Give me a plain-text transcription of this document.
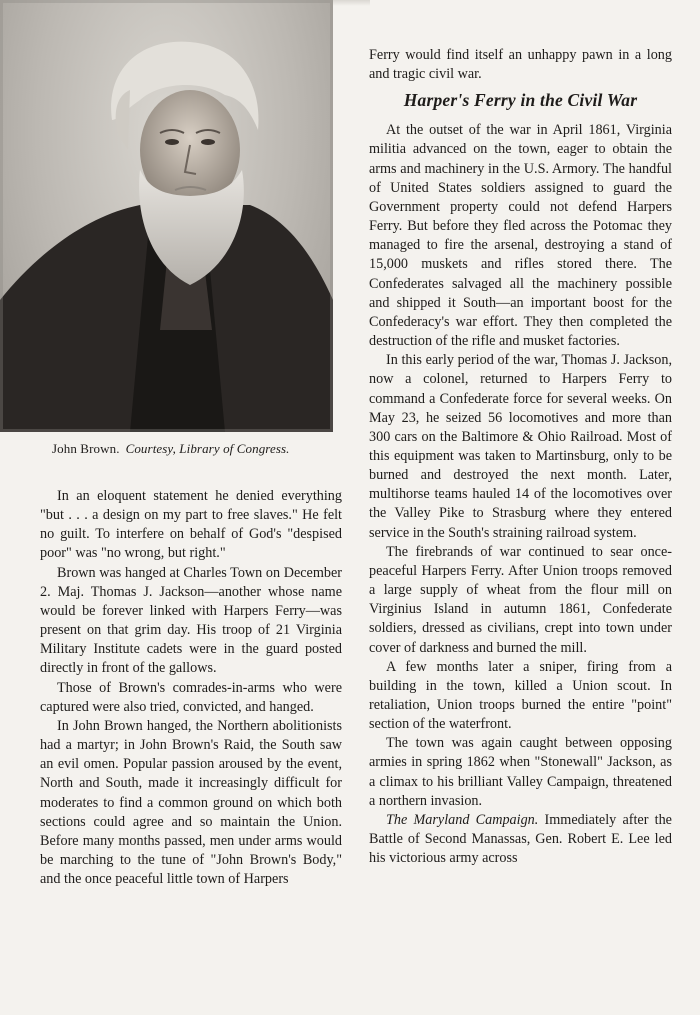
John Brown. Courtesy, Library of Congress.

In an eloquent statement he denied everything "but . . . a design on my part to free slaves." He felt no guilt. To interfere on behalf of God's "despised poor" was "no wrong, but right."

Brown was hanged at Charles Town on December 2. Maj. Thomas J. Jackson—another whose name would be forever linked with Harpers Ferry—was present on that grim day. His troop of 21 Virginia Military Institute cadets were in the guard posted directly in front of the gallows.

Those of Brown's comrades-in-arms who were captured were also tried, convicted, and hanged.

In John Brown hanged, the Northern abolitionists had a martyr; in John Brown's Raid, the South saw an evil omen. Popular passion aroused by the event, North and South, made it increasingly difficult for moderates to find a common ground on which both sections could agree and so maintain the Union. Before many months passed, men under arms would be marching to the tune of "John Brown's Body," and the once peaceful little town of Harpers

Ferry would find itself an unhappy pawn in a long and tragic civil war.

Harper's Ferry in the Civil War

At the outset of the war in April 1861, Virginia militia advanced on the town, eager to obtain the arms and machinery in the U.S. Armory. The handful of United States soldiers assigned to guard the Government property could not defend Harpers Ferry. But before they fled across the Potomac they managed to fire the arsenal, destroying a stand of 15,000 muskets and rifles stored there. The Confederates salvaged all the machinery possible and shipped it South—an important boost for the Confederacy's war effort. They then completed the destruction of the rifle and musket factories.

In this early period of the war, Thomas J. Jackson, now a colonel, returned to Harpers Ferry to command a Confederate force for several weeks. On May 23, he seized 56 locomotives and more than 300 cars on the Baltimore & Ohio Railroad. Most of this equipment was taken to Martinsburg, only to be burned and destroyed the next month. Later, multihorse teams hauled 14 of the locomotives over the Valley Pike to Strasburg where they entered service in the South's straining railroad system.

The firebrands of war continued to sear once-peaceful Harpers Ferry. After Union troops removed a large supply of wheat from the flour mill on Virginius Island in autumn 1861, Confederate soldiers, dressed as civilians, crept into town under cover of darkness and burned the mill.

A few months later a sniper, firing from a building in the town, killed a Union scout. In retaliation, Union troops burned the entire "point" section of the waterfront.

The town was again caught between opposing armies in spring 1862 when "Stonewall" Jackson, as a climax to his brilliant Valley Campaign, threatened a northern invasion.

The Maryland Campaign. Immediately after the Battle of Second Manassas, Gen. Robert E. Lee led his victorious army across
